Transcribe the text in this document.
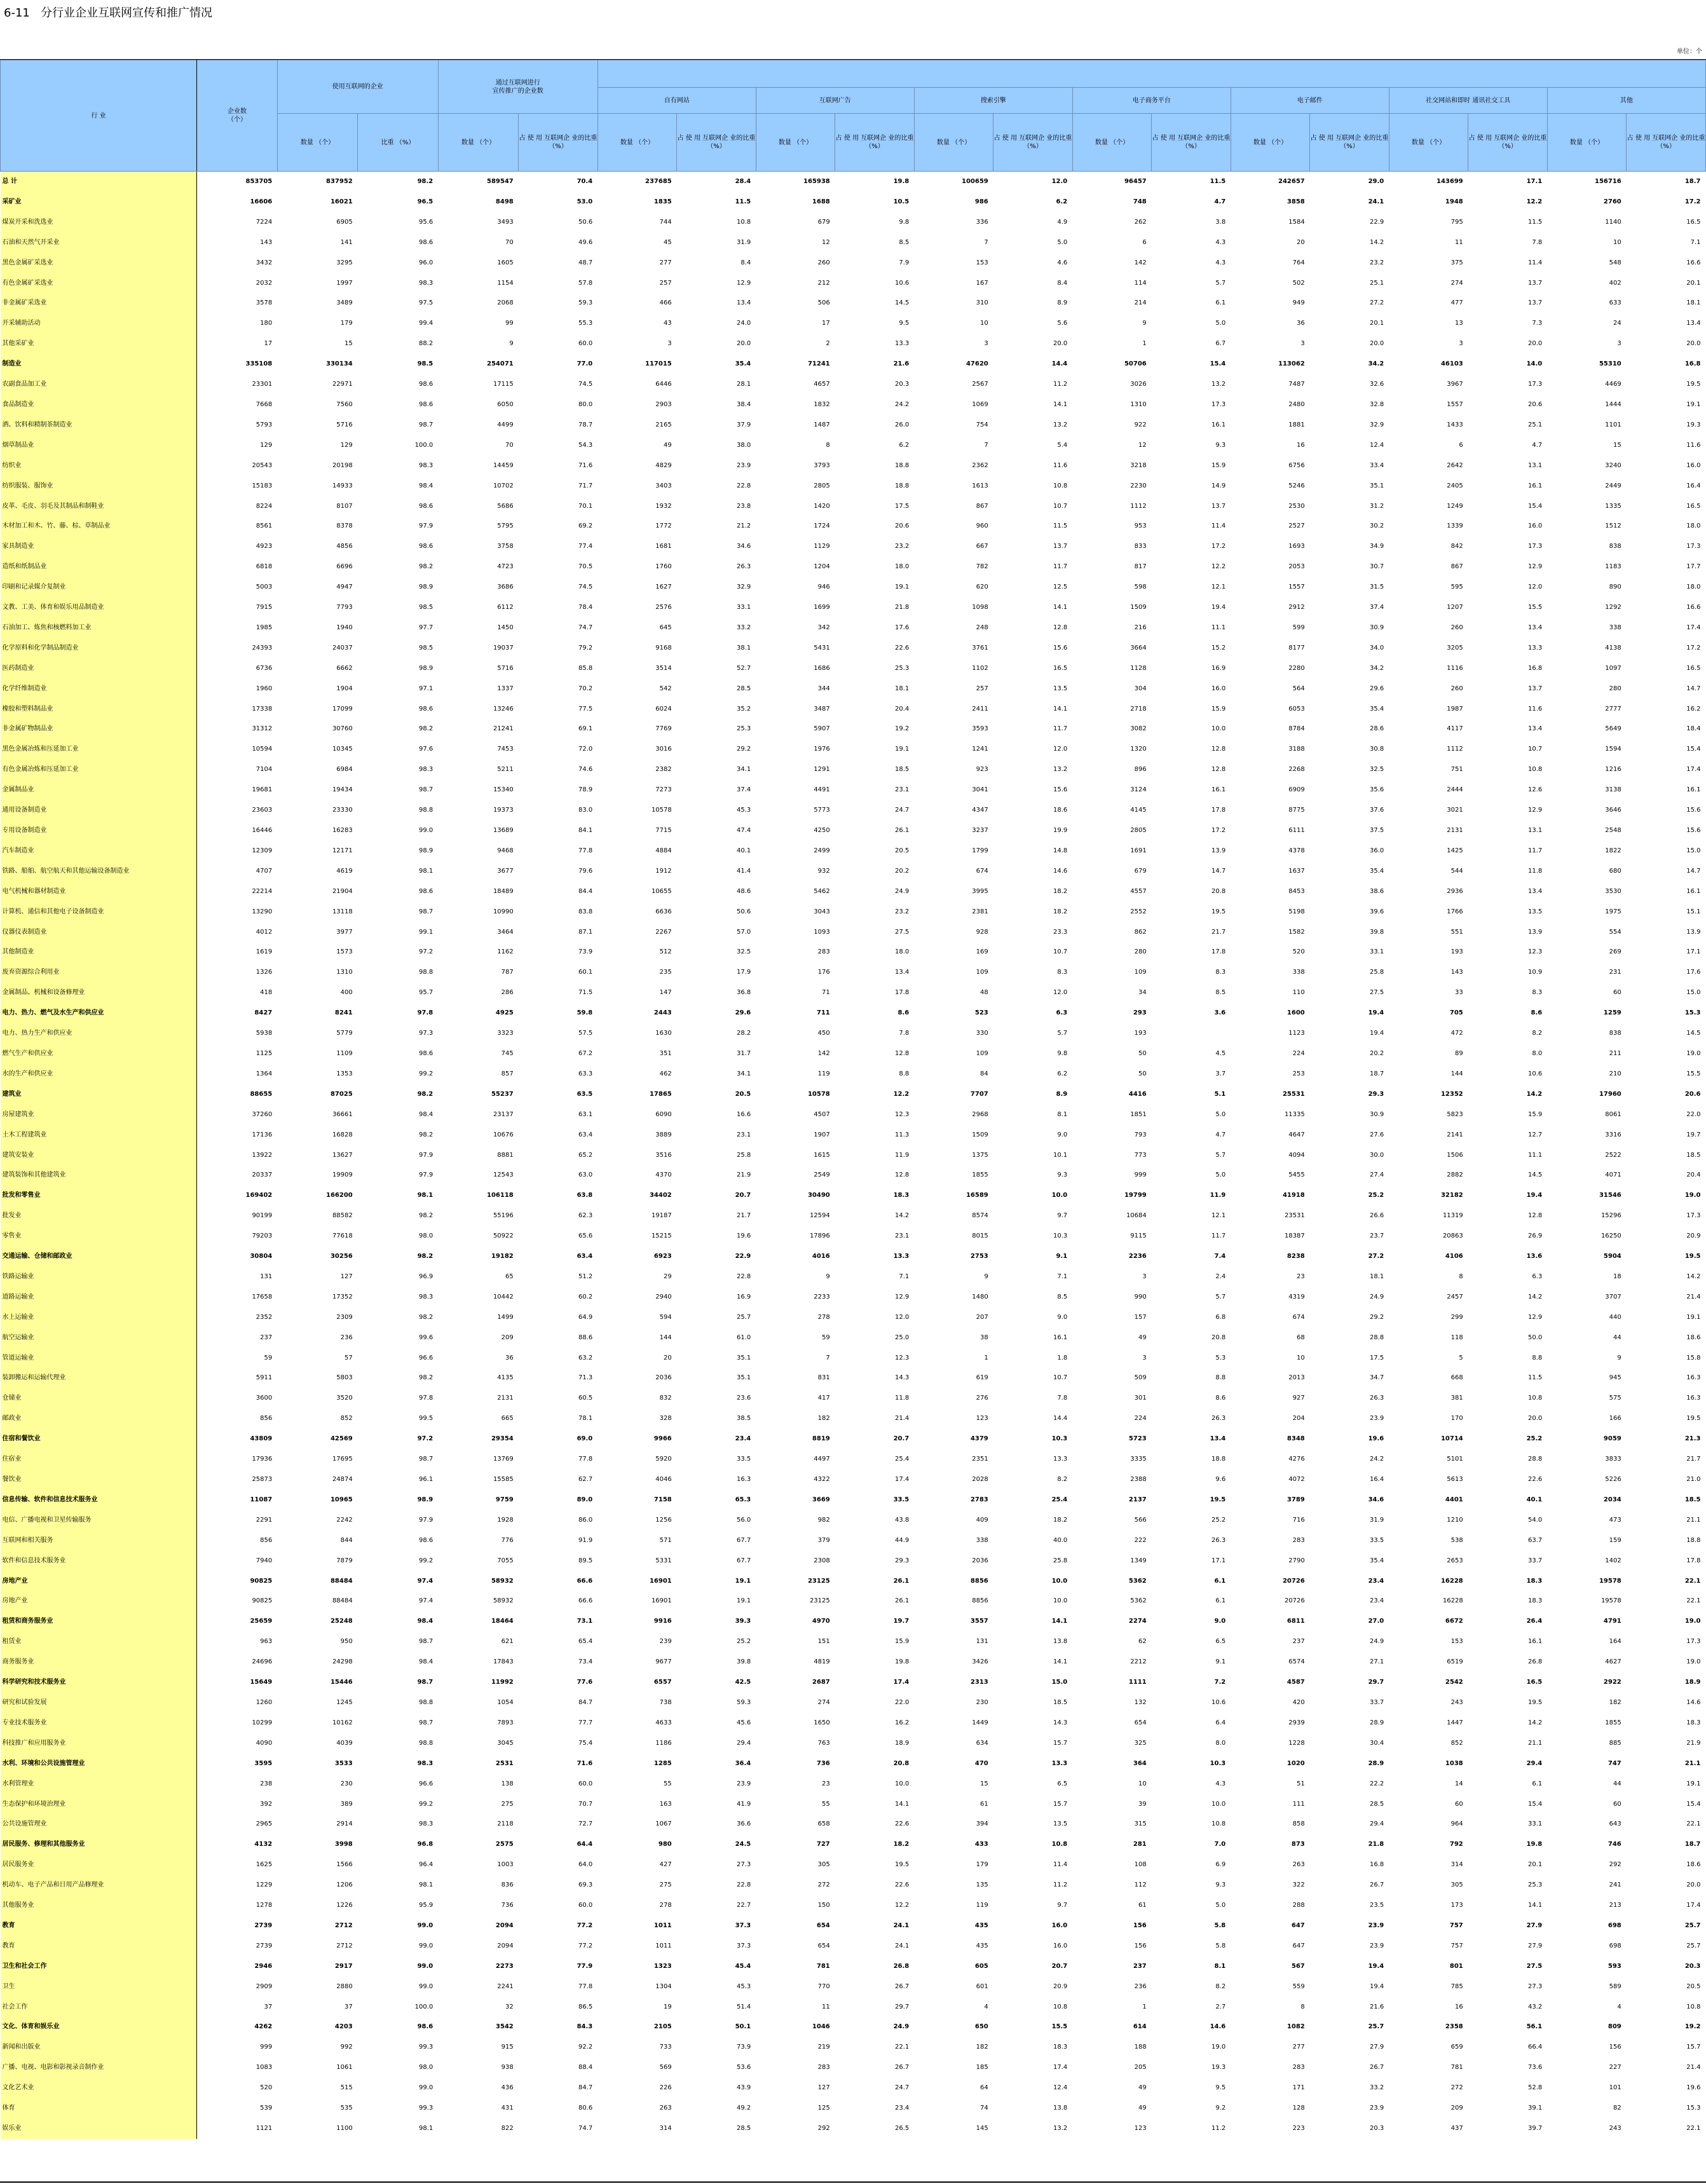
6-11   分行业企业互联网宣传和推广情况
单位：个
行 业	企业数
（个）	使用互联网的企业		通过互联网进行
宣传推广的企业数															
						自有网站		互联网广告		搜索引擎		电子商务平台		电子邮件		社交网站和即时 通讯社交工具		其他	
		数量 （个）	比重 （%）	数量 （个）	占 使 用 互联网企 业的比重 （%）	数量 （个）	占 使 用 互联网企 业的比重 （%）	数量 （个）	占 使 用 互联网企 业的比重 （%）	数量 （个）	占 使 用 互联网企 业的比重 （%）	数量 （个）	占 使 用 互联网企 业的比重 （%）	数量 （个）	占 使 用 互联网企 业的比重 （%）	数量 （个）	占 使 用 互联网企 业的比重 （%）	数量 （个）	占 使 用 互联网企 业的比重 （%）
总 计	853705	837952	98.2	589547	70.4	237685	28.4	165938	19.8	100659	12.0	96457	11.5	242657	29.0	143699	17.1	156716	18.7
采矿业	16606	16021	96.5	8498	53.0	1835	11.5	1688	10.5	986	6.2	748	4.7	3858	24.1	1948	12.2	2760	17.2
煤炭开采和洗选业	7224	6905	95.6	3493	50.6	744	10.8	679	9.8	336	4.9	262	3.8	1584	22.9	795	11.5	1140	16.5
石油和天然气开采业	143	141	98.6	70	49.6	45	31.9	12	8.5	7	5.0	6	4.3	20	14.2	11	7.8	10	7.1
黑色金属矿采选业	3432	3295	96.0	1605	48.7	277	8.4	260	7.9	153	4.6	142	4.3	764	23.2	375	11.4	548	16.6
有色金属矿采选业	2032	1997	98.3	1154	57.8	257	12.9	212	10.6	167	8.4	114	5.7	502	25.1	274	13.7	402	20.1
非金属矿采选业	3578	3489	97.5	2068	59.3	466	13.4	506	14.5	310	8.9	214	6.1	949	27.2	477	13.7	633	18.1
开采辅助活动	180	179	99.4	99	55.3	43	24.0	17	9.5	10	5.6	9	5.0	36	20.1	13	7.3	24	13.4
其他采矿业	17	15	88.2	9	60.0	3	20.0	2	13.3	3	20.0	1	6.7	3	20.0	3	20.0	3	20.0
制造业	335108	330134	98.5	254071	77.0	117015	35.4	71241	21.6	47620	14.4	50706	15.4	113062	34.2	46103	14.0	55310	16.8
农副食品加工业	23301	22971	98.6	17115	74.5	6446	28.1	4657	20.3	2567	11.2	3026	13.2	7487	32.6	3967	17.3	4469	19.5
食品制造业	7668	7560	98.6	6050	80.0	2903	38.4	1832	24.2	1069	14.1	1310	17.3	2480	32.8	1557	20.6	1444	19.1
酒、饮料和精制茶制造业	5793	5716	98.7	4499	78.7	2165	37.9	1487	26.0	754	13.2	922	16.1	1881	32.9	1433	25.1	1101	19.3
烟草制品业	129	129	100.0	70	54.3	49	38.0	8	6.2	7	5.4	12	9.3	16	12.4	6	4.7	15	11.6
纺织业	20543	20198	98.3	14459	71.6	4829	23.9	3793	18.8	2362	11.6	3218	15.9	6756	33.4	2642	13.1	3240	16.0
纺织服装、服饰业	15183	14933	98.4	10702	71.7	3403	22.8	2805	18.8	1613	10.8	2230	14.9	5246	35.1	2405	16.1	2449	16.4
皮革、毛皮、羽毛及其制品和制鞋业	8224	8107	98.6	5686	70.1	1932	23.8	1420	17.5	867	10.7	1112	13.7	2530	31.2	1249	15.4	1335	16.5
木材加工和木、竹、藤、棕、草制品业	8561	8378	97.9	5795	69.2	1772	21.2	1724	20.6	960	11.5	953	11.4	2527	30.2	1339	16.0	1512	18.0
家具制造业	4923	4856	98.6	3758	77.4	1681	34.6	1129	23.2	667	13.7	833	17.2	1693	34.9	842	17.3	838	17.3
造纸和纸制品业	6818	6696	98.2	4723	70.5	1760	26.3	1204	18.0	782	11.7	817	12.2	2053	30.7	867	12.9	1183	17.7
印刷和记录媒介复制业	5003	4947	98.9	3686	74.5	1627	32.9	946	19.1	620	12.5	598	12.1	1557	31.5	595	12.0	890	18.0
文教、工美、体育和娱乐用品制造业	7915	7793	98.5	6112	78.4	2576	33.1	1699	21.8	1098	14.1	1509	19.4	2912	37.4	1207	15.5	1292	16.6
石油加工、炼焦和核燃料加工业	1985	1940	97.7	1450	74.7	645	33.2	342	17.6	248	12.8	216	11.1	599	30.9	260	13.4	338	17.4
化学原料和化学制品制造业	24393	24037	98.5	19037	79.2	9168	38.1	5431	22.6	3761	15.6	3664	15.2	8177	34.0	3205	13.3	4138	17.2
医药制造业	6736	6662	98.9	5716	85.8	3514	52.7	1686	25.3	1102	16.5	1128	16.9	2280	34.2	1116	16.8	1097	16.5
化学纤维制造业	1960	1904	97.1	1337	70.2	542	28.5	344	18.1	257	13.5	304	16.0	564	29.6	260	13.7	280	14.7
橡胶和塑料制品业	17338	17099	98.6	13246	77.5	6024	35.2	3487	20.4	2411	14.1	2718	15.9	6053	35.4	1987	11.6	2777	16.2
非金属矿物制品业	31312	30760	98.2	21241	69.1	7769	25.3	5907	19.2	3593	11.7	3082	10.0	8784	28.6	4117	13.4	5649	18.4
黑色金属冶炼和压延加工业	10594	10345	97.6	7453	72.0	3016	29.2	1976	19.1	1241	12.0	1320	12.8	3188	30.8	1112	10.7	1594	15.4
有色金属冶炼和压延加工业	7104	6984	98.3	5211	74.6	2382	34.1	1291	18.5	923	13.2	896	12.8	2268	32.5	751	10.8	1216	17.4
金属制品业	19681	19434	98.7	15340	78.9	7273	37.4	4491	23.1	3041	15.6	3124	16.1	6909	35.6	2444	12.6	3138	16.1
通用设备制造业	23603	23330	98.8	19373	83.0	10578	45.3	5773	24.7	4347	18.6	4145	17.8	8775	37.6	3021	12.9	3646	15.6
专用设备制造业	16446	16283	99.0	13689	84.1	7715	47.4	4250	26.1	3237	19.9	2805	17.2	6111	37.5	2131	13.1	2548	15.6
汽车制造业	12309	12171	98.9	9468	77.8	4884	40.1	2499	20.5	1799	14.8	1691	13.9	4378	36.0	1425	11.7	1822	15.0
铁路、船舶、航空航天和其他运输设备制造业	4707	4619	98.1	3677	79.6	1912	41.4	932	20.2	674	14.6	679	14.7	1637	35.4	544	11.8	680	14.7
电气机械和器材制造业	22214	21904	98.6	18489	84.4	10655	48.6	5462	24.9	3995	18.2	4557	20.8	8453	38.6	2936	13.4	3530	16.1
计算机、通信和其他电子设备制造业	13290	13118	98.7	10990	83.8	6636	50.6	3043	23.2	2381	18.2	2552	19.5	5198	39.6	1766	13.5	1975	15.1
仪器仪表制造业	4012	3977	99.1	3464	87.1	2267	57.0	1093	27.5	928	23.3	862	21.7	1582	39.8	551	13.9	554	13.9
其他制造业	1619	1573	97.2	1162	73.9	512	32.5	283	18.0	169	10.7	280	17.8	520	33.1	193	12.3	269	17.1
废弃资源综合利用业	1326	1310	98.8	787	60.1	235	17.9	176	13.4	109	8.3	109	8.3	338	25.8	143	10.9	231	17.6
金属制品、机械和设备修理业	418	400	95.7	286	71.5	147	36.8	71	17.8	48	12.0	34	8.5	110	27.5	33	8.3	60	15.0
电力、热力、燃气及水生产和供应业	8427	8241	97.8	4925	59.8	2443	29.6	711	8.6	523	6.3	293	3.6	1600	19.4	705	8.6	1259	15.3
电力、热力生产和供应业	5938	5779	97.3	3323	57.5	1630	28.2	450	7.8	330	5.7	193		1123	19.4	472	8.2	838	14.5
燃气生产和供应业	1125	1109	98.6	745	67.2	351	31.7	142	12.8	109	9.8	50	4.5	224	20.2	89	8.0	211	19.0
水的生产和供应业	1364	1353	99.2	857	63.3	462	34.1	119	8.8	84	6.2	50	3.7	253	18.7	144	10.6	210	15.5
建筑业	88655	87025	98.2	55237	63.5	17865	20.5	10578	12.2	7707	8.9	4416	5.1	25531	29.3	12352	14.2	17960	20.6
房屋建筑业	37260	36661	98.4	23137	63.1	6090	16.6	4507	12.3	2968	8.1	1851	5.0	11335	30.9	5823	15.9	8061	22.0
土木工程建筑业	17136	16828	98.2	10676	63.4	3889	23.1	1907	11.3	1509	9.0	793	4.7	4647	27.6	2141	12.7	3316	19.7
建筑安装业	13922	13627	97.9	8881	65.2	3516	25.8	1615	11.9	1375	10.1	773	5.7	4094	30.0	1506	11.1	2522	18.5
建筑装饰和其他建筑业	20337	19909	97.9	12543	63.0	4370	21.9	2549	12.8	1855	9.3	999	5.0	5455	27.4	2882	14.5	4071	20.4
批发和零售业	169402	166200	98.1	106118	63.8	34402	20.7	30490	18.3	16589	10.0	19799	11.9	41918	25.2	32182	19.4	31546	19.0
批发业	90199	88582	98.2	55196	62.3	19187	21.7	12594	14.2	8574	9.7	10684	12.1	23531	26.6	11319	12.8	15296	17.3
零售业	79203	77618	98.0	50922	65.6	15215	19.6	17896	23.1	8015	10.3	9115	11.7	18387	23.7	20863	26.9	16250	20.9
交通运输、仓储和邮政业	30804	30256	98.2	19182	63.4	6923	22.9	4016	13.3	2753	9.1	2236	7.4	8238	27.2	4106	13.6	5904	19.5
铁路运输业	131	127	96.9	65	51.2	29	22.8	9	7.1	9	7.1	3	2.4	23	18.1	8	6.3	18	14.2
道路运输业	17658	17352	98.3	10442	60.2	2940	16.9	2233	12.9	1480	8.5	990	5.7	4319	24.9	2457	14.2	3707	21.4
水上运输业	2352	2309	98.2	1499	64.9	594	25.7	278	12.0	207	9.0	157	6.8	674	29.2	299	12.9	440	19.1
航空运输业	237	236	99.6	209	88.6	144	61.0	59	25.0	38	16.1	49	20.8	68	28.8	118	50.0	44	18.6
管道运输业	59	57	96.6	36	63.2	20	35.1	7	12.3	1	1.8	3	5.3	10	17.5	5	8.8	9	15.8
装卸搬运和运输代理业	5911	5803	98.2	4135	71.3	2036	35.1	831	14.3	619	10.7	509	8.8	2013	34.7	668	11.5	945	16.3
仓储业	3600	3520	97.8	2131	60.5	832	23.6	417	11.8	276	7.8	301	8.6	927	26.3	381	10.8	575	16.3
邮政业	856	852	99.5	665	78.1	328	38.5	182	21.4	123	14.4	224	26.3	204	23.9	170	20.0	166	19.5
住宿和餐饮业	43809	42569	97.2	29354	69.0	9966	23.4	8819	20.7	4379	10.3	5723	13.4	8348	19.6	10714	25.2	9059	21.3
住宿业	17936	17695	98.7	13769	77.8	5920	33.5	4497	25.4	2351	13.3	3335	18.8	4276	24.2	5101	28.8	3833	21.7
餐饮业	25873	24874	96.1	15585	62.7	4046	16.3	4322	17.4	2028	8.2	2388	9.6	4072	16.4	5613	22.6	5226	21.0
信息传输、软件和信息技术服务业	11087	10965	98.9	9759	89.0	7158	65.3	3669	33.5	2783	25.4	2137	19.5	3789	34.6	4401	40.1	2034	18.5
电信、广播电视和卫星传输服务	2291	2242	97.9	1928	86.0	1256	56.0	982	43.8	409	18.2	566	25.2	716	31.9	1210	54.0	473	21.1
互联网和相关服务	856	844	98.6	776	91.9	571	67.7	379	44.9	338	40.0	222	26.3	283	33.5	538	63.7	159	18.8
软件和信息技术服务业	7940	7879	99.2	7055	89.5	5331	67.7	2308	29.3	2036	25.8	1349	17.1	2790	35.4	2653	33.7	1402	17.8
房地产业	90825	88484	97.4	58932	66.6	16901	19.1	23125	26.1	8856	10.0	5362	6.1	20726	23.4	16228	18.3	19578	22.1
房地产业	90825	88484	97.4	58932	66.6	16901	19.1	23125	26.1	8856	10.0	5362	6.1	20726	23.4	16228	18.3	19578	22.1
租赁和商务服务业	25659	25248	98.4	18464	73.1	9916	39.3	4970	19.7	3557	14.1	2274	9.0	6811	27.0	6672	26.4	4791	19.0
租赁业	963	950	98.7	621	65.4	239	25.2	151	15.9	131	13.8	62	6.5	237	24.9	153	16.1	164	17.3
商务服务业	24696	24298	98.4	17843	73.4	9677	39.8	4819	19.8	3426	14.1	2212	9.1	6574	27.1	6519	26.8	4627	19.0
科学研究和技术服务业	15649	15446	98.7	11992	77.6	6557	42.5	2687	17.4	2313	15.0	1111	7.2	4587	29.7	2542	16.5	2922	18.9
研究和试验发展	1260	1245	98.8	1054	84.7	738	59.3	274	22.0	230	18.5	132	10.6	420	33.7	243	19.5	182	14.6
专业技术服务业	10299	10162	98.7	7893	77.7	4633	45.6	1650	16.2	1449	14.3	654	6.4	2939	28.9	1447	14.2	1855	18.3
科技推广和应用服务业	4090	4039	98.8	3045	75.4	1186	29.4	763	18.9	634	15.7	325	8.0	1228	30.4	852	21.1	885	21.9
水利、环境和公共设施管理业	3595	3533	98.3	2531	71.6	1285	36.4	736	20.8	470	13.3	364	10.3	1020	28.9	1038	29.4	747	21.1
水利管理业	238	230	96.6	138	60.0	55	23.9	23	10.0	15	6.5	10	4.3	51	22.2	14	6.1	44	19.1
生态保护和环境治理业	392	389	99.2	275	70.7	163	41.9	55	14.1	61	15.7	39	10.0	111	28.5	60	15.4	60	15.4
公共设施管理业	2965	2914	98.3	2118	72.7	1067	36.6	658	22.6	394	13.5	315	10.8	858	29.4	964	33.1	643	22.1
居民服务、修理和其他服务业	4132	3998	96.8	2575	64.4	980	24.5	727	18.2	433	10.8	281	7.0	873	21.8	792	19.8	746	18.7
居民服务业	1625	1566	96.4	1003	64.0	427	27.3	305	19.5	179	11.4	108	6.9	263	16.8	314	20.1	292	18.6
机动车、电子产品和日用产品修理业	1229	1206	98.1	836	69.3	275	22.8	272	22.6	135	11.2	112	9.3	322	26.7	305	25.3	241	20.0
其他服务业	1278	1226	95.9	736	60.0	278	22.7	150	12.2	119	9.7	61	5.0	288	23.5	173	14.1	213	17.4
教育	2739	2712	99.0	2094	77.2	1011	37.3	654	24.1	435	16.0	156	5.8	647	23.9	757	27.9	698	25.7
教育	2739	2712	99.0	2094	77.2	1011	37.3	654	24.1	435	16.0	156	5.8	647	23.9	757	27.9	698	25.7
卫生和社会工作	2946	2917	99.0	2273	77.9	1323	45.4	781	26.8	605	20.7	237	8.1	567	19.4	801	27.5	593	20.3
卫生	2909	2880	99.0	2241	77.8	1304	45.3	770	26.7	601	20.9	236	8.2	559	19.4	785	27.3	589	20.5
社会工作	37	37	100.0	32	86.5	19	51.4	11	29.7	4	10.8	1	2.7	8	21.6	16	43.2	4	10.8
文化、体育和娱乐业	4262	4203	98.6	3542	84.3	2105	50.1	1046	24.9	650	15.5	614	14.6	1082	25.7	2358	56.1	809	19.2
新闻和出版业	999	992	99.3	915	92.2	733	73.9	219	22.1	182	18.3	188	19.0	277	27.9	659	66.4	156	15.7
广播、电视、电影和影视录音制作业	1083	1061	98.0	938	88.4	569	53.6	283	26.7	185	17.4	205	19.3	283	26.7	781	73.6	227	21.4
文化艺术业	520	515	99.0	436	84.7	226	43.9	127	24.7	64	12.4	49	9.5	171	33.2	272	52.8	101	19.6
体育	539	535	99.3	431	80.6	263	49.2	125	23.4	74	13.8	49	9.2	128	23.9	209	39.1	82	15.3
娱乐业	1121	1100	98.1	822	74.7	314	28.5	292	26.5	145	13.2	123	11.2	223	20.3	437	39.7	243	22.1
